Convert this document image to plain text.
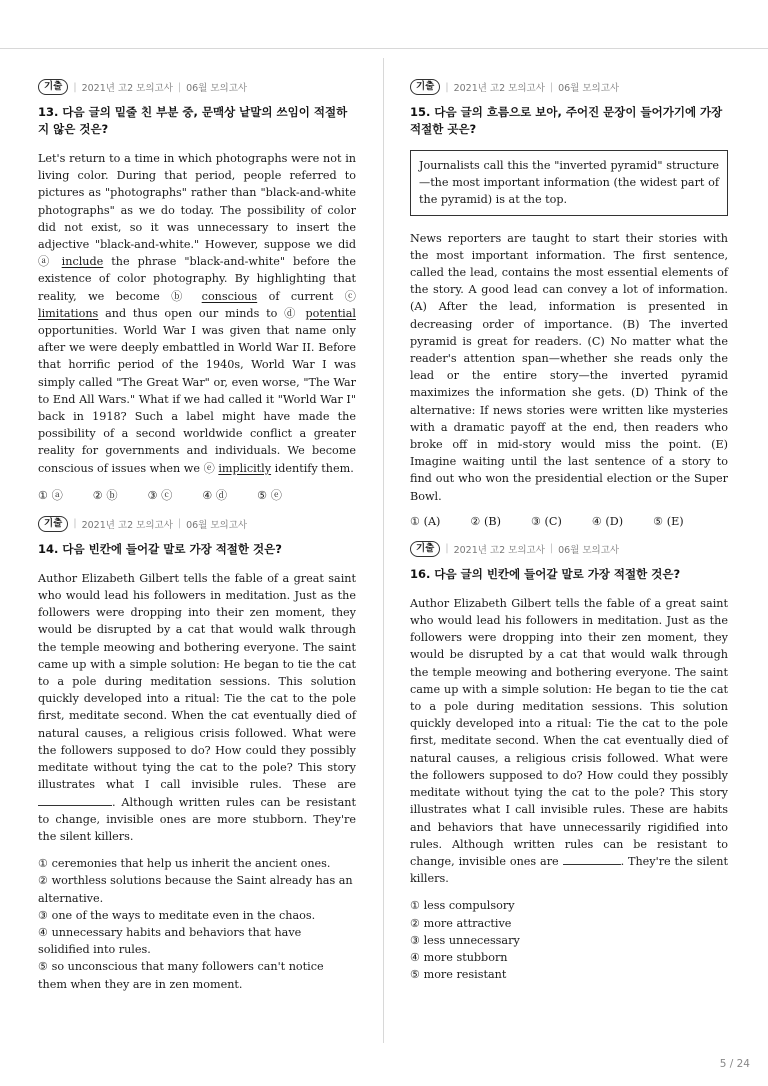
기출	| 2021년 고2 모의고사 | 06월 모의고사

13. 다음 글의 밑줄 친 부분 중, 문맥상 낱말의 쓰임이 적절하지 않은 것은?

Let's return to a time in which photographs were not in living color. During that period, people referred to pictures as "photographs" rather than "black-and-white photographs" as we do today. The possibility of color did not exist, so it was unnecessary to insert the adjective "black-and-white." However, suppose we did ⓐ include the phrase "black-and-white" before the existence of color photography. By highlighting that reality, we become ⓑ conscious of current ⓒ limitations and thus open our minds to ⓓ potential opportunities. World War I was given that name only after we were deeply embattled in World War II. Before that horrific period of the 1940s, World War I was simply called "The Great War" or, even worse, "The War to End All Wars." What if we had called it "World War I" back in 1918? Such a label might have made the possibility of a second worldwide conflict a greater reality for governments and individuals. We become conscious of issues when we ⓔ implicitly identify them.

① ⓐ	② ⓑ	③ ⓒ	④ ⓓ	⑤ ⓔ
기출	| 2021년 고2 모의고사 | 06월 모의고사

14. 다음 빈칸에 들어갈 말로 가장 적절한 것은?

Author Elizabeth Gilbert tells the fable of a great saint who would lead his followers in meditation. Just as the followers were dropping into their zen moment, they would be disrupted by a cat that would walk through the temple meowing and bothering everyone. The saint came up with a simple solution: He began to tie the cat to a pole during meditation sessions. This solution quickly developed into a ritual: Tie the cat to the pole first, meditate second. When the cat eventually died of natural causes, a religious crisis followed. What were the followers supposed to do? How could they possibly meditate without tying the cat to the pole? This story illustrates what I call invisible rules. These are . Although written rules can be resistant to change, invisible ones are more stubborn. They're the silent killers.

① ceremonies that help us inherit the ancient ones.
② worthless solutions because the Saint already has an alternative.
③ one of the ways to meditate even in the chaos.
④ unnecessary habits and behaviors that have solidified into rules.
⑤ so unconscious that many followers can't notice them when they are in zen moment.
기출	| 2021년 고2 모의고사 | 06월 모의고사

15. 다음 글의 흐름으로 보아, 주어진 문장이 들어가기에 가장 적절한 곳은?

Journalists call this the "inverted pyramid" structure —the most important information (the widest part of the pyramid) is at the top.

News reporters are taught to start their stories with the most important information. The first sentence, called the lead, contains the most essential elements of the story. A good lead can convey a lot of information. (A) After the lead, information is presented in decreasing order of importance. (B) The inverted pyramid is great for readers. (C) No matter what the reader's attention span—whether she reads only the lead or the entire story—the inverted pyramid maximizes the information she gets. (D) Think of the alternative: If news stories were written like mysteries with a dramatic payoff at the end, then readers who broke off in mid-story would miss the point. (E) Imagine waiting until the last sentence of a story to find out who won the presidential election or the Super Bowl.

① (A)	② (B)	③ (C)	④ (D)	⑤ (E)
기출	| 2021년 고2 모의고사 | 06월 모의고사

16. 다음 글의 빈칸에 들어갈 말로 가장 적절한 것은?

Author Elizabeth Gilbert tells the fable of a great saint who would lead his followers in meditation. Just as the followers were dropping into their zen moment, they would be disrupted by a cat that would walk through the temple meowing and bothering everyone. The saint came up with a simple solution: He began to tie the cat to a pole during meditation sessions. This solution quickly developed into a ritual: Tie the cat to the pole first, meditate second. When the cat eventually died of natural causes, a religious crisis followed. What were the followers supposed to do? How could they possibly meditate without tying the cat to the pole? This story illustrates what I call invisible rules. These are habits and behaviors that have unnecessarily rigidified into rules. Although written rules can be resistant to change, invisible ones are	. They're the silent killers.

① less compulsory
② more attractive
③ less unnecessary
④ more stubborn
⑤ more resistant
5 / 24
